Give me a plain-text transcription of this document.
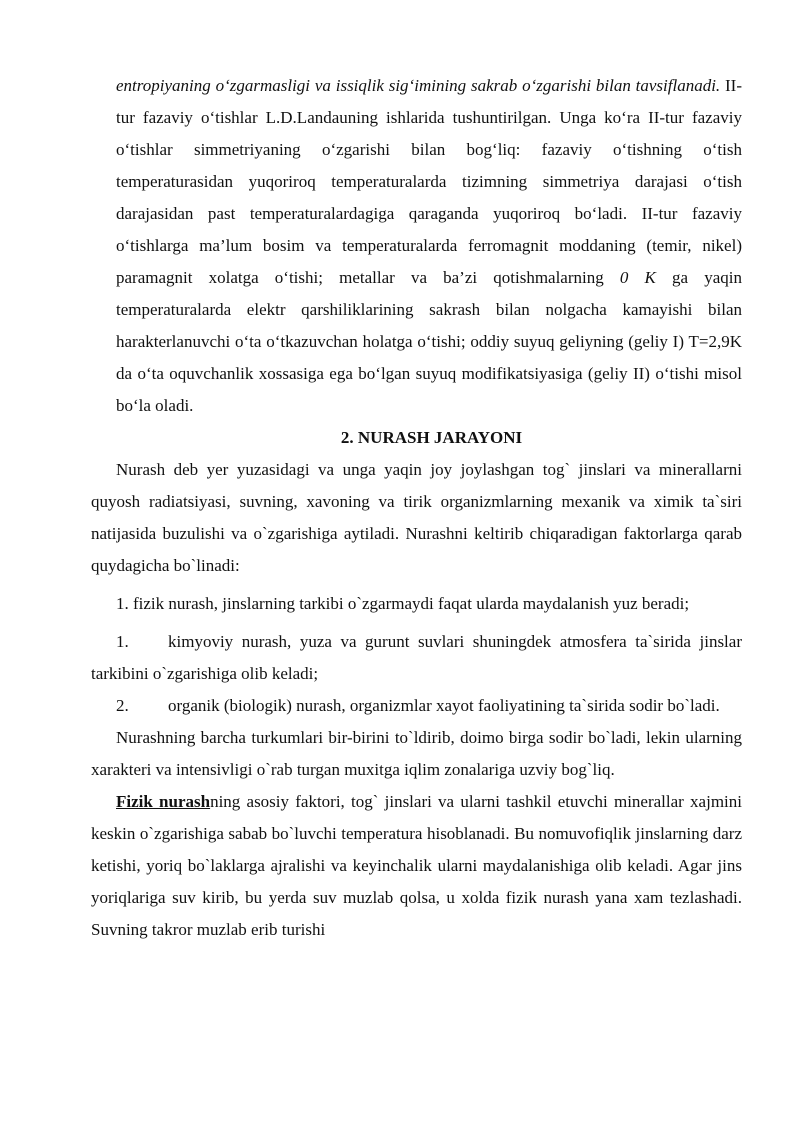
entropiyaning o‘zgarmasligi va issiqlik sig‘imining sakrab o‘zgarishi bilan tavsiflanadi. II-tur fazaviy o‘tishlar L.D.Landauning ishlarida tushuntirilgan. Unga ko‘ra II-tur fazaviy o‘tishlar simmetriyaning o‘zgarishi bilan bog‘liq: fazaviy o‘tishning o‘tish temperaturasidan yuqoriroq temperaturalarda tizimning simmetriya darajasi o‘tish darajasidan past temperaturalardagiga qaraganda yuqoriroq bo‘ladi. II-tur fazaviy o‘tishlarga ma’lum bosim va temperaturalarda ferromagnit moddaning (temir, nikel) paramagnit xolatga o‘tishi; metallar va ba’zi qotishmalarning 0 K ga yaqin temperaturalarda elektr qarshiliklarining sakrash bilan nolgacha kamayishi bilan harakterlanuvchi o‘ta o‘tkazuvchan holatga o‘tishi; oddiy suyuq geliyning (geliy I) T=2,9K da o‘ta oquvchanlik xossasiga ega bo‘lgan suyuq modifikatsiyasiga (geliy II) o‘tishi misol bo‘la oladi.

2. NURASH JARAYONI

Nurash deb yer yuzasidagi va unga yaqin joy joylashgan tog` jinslari va minerallarni quyosh radiatsiyasi, suvning, xavoning va tirik organizmlarning mexanik va ximik ta`siri natijasida buzulishi va o`zgarishiga aytiladi. Nurashni keltirib chiqaradigan faktorlarga qarab quydagicha bo`linadi:

1. fizik nurash, jinslarning tarkibi o`zgarmaydi faqat ularda maydalanish yuz beradi;

1. kimyoviy nurash, yuza va gurunt suvlari shuningdek atmosfera ta`sirida jinslar tarkibini o`zgarishiga olib keladi;

2. organik (biologik) nurash, organizmlar xayot faoliyatining ta`sirida sodir bo`ladi.

Nurashning barcha turkumlari bir-birini to`ldirib, doimo birga sodir bo`ladi, lekin ularning xarakteri va intensivligi o`rab turgan muxitga iqlim zonalariga uzviy bog`liq.

Fizik nurashning asosiy faktori, tog` jinslari va ularni tashkil etuvchi minerallar xajmini keskin o`zgarishiga sabab bo`luvchi temperatura hisoblanadi. Bu nomuvofiqlik jinslarning darz ketishi, yoriq bo`laklarga ajralishi va keyinchalik ularni maydalanishiga olib keladi. Agar jins yoriqlariga suv kirib, bu yerda suv muzlab qolsa, u xolda fizik nurash yana xam tezlashadi. Suvning takror muzlab erib turishi
